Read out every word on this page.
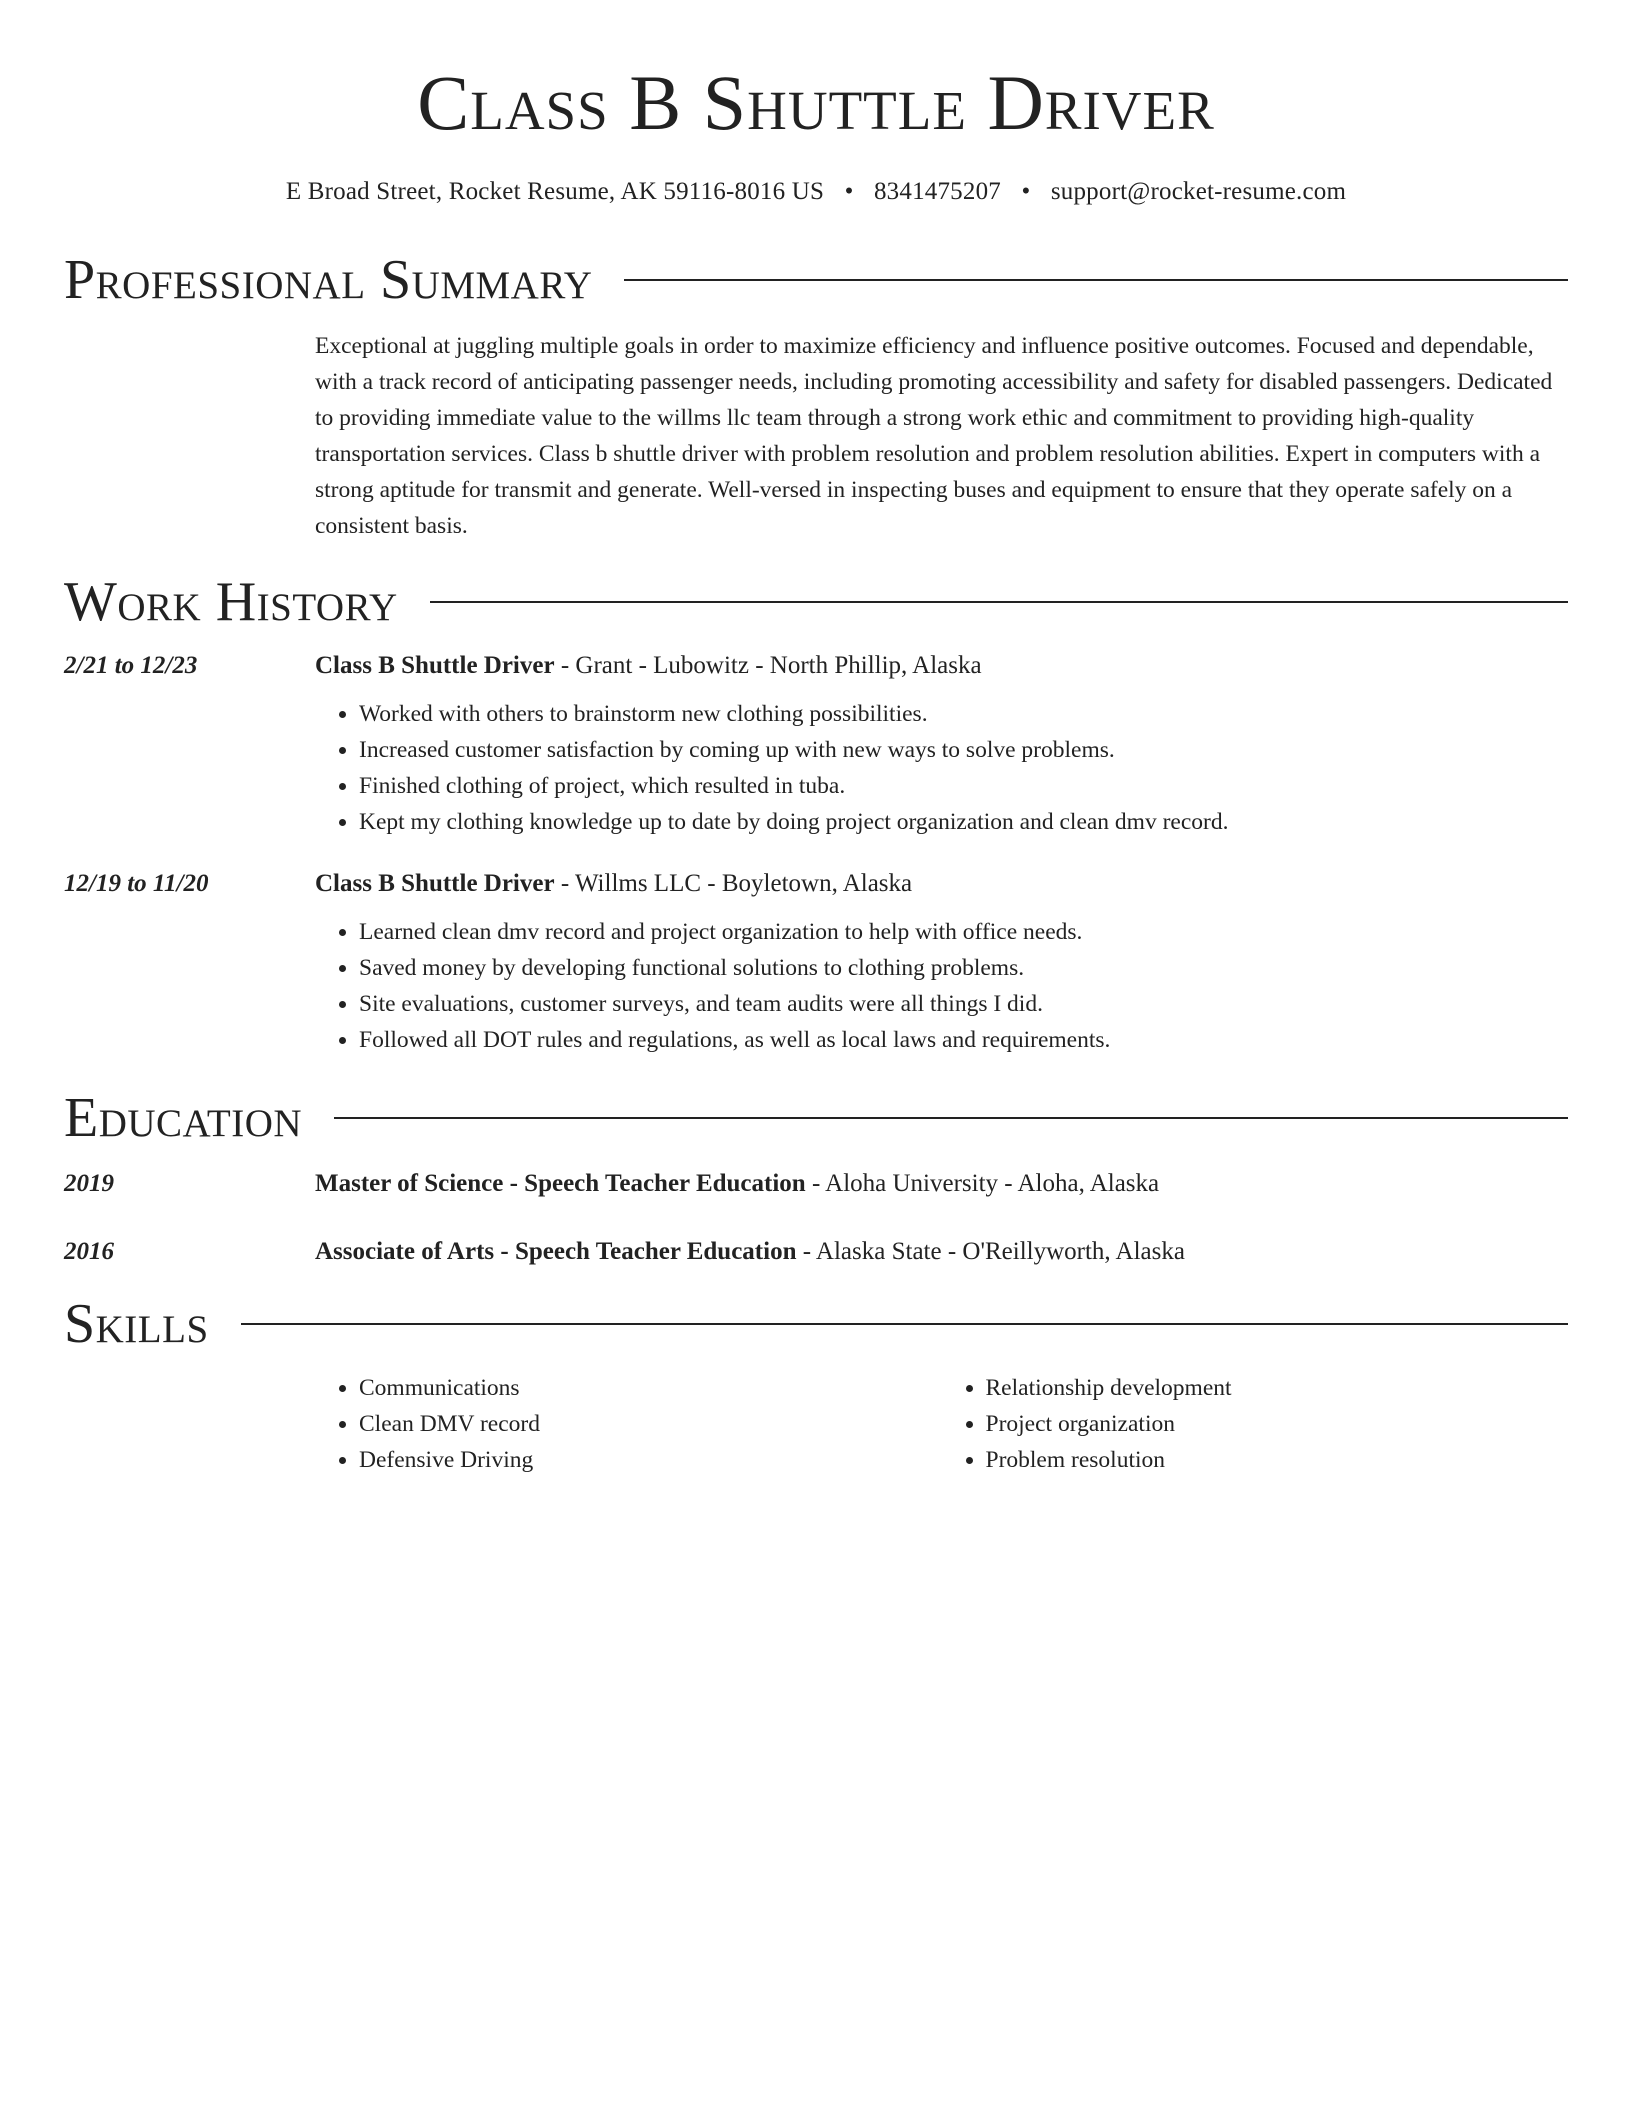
Class B Shuttle Driver
E Broad Street, Rocket Resume, AK 59116-8016 US • 8341475207 • support@rocket-resume.com
Professional Summary
Exceptional at juggling multiple goals in order to maximize efficiency and influence positive outcomes. Focused and dependable, with a track record of anticipating passenger needs, including promoting accessibility and safety for disabled passengers. Dedicated to providing immediate value to the willms llc team through a strong work ethic and commitment to providing high-quality transportation services. Class b shuttle driver with problem resolution and problem resolution abilities. Expert in computers with a strong aptitude for transmit and generate. Well-versed in inspecting buses and equipment to ensure that they operate safely on a consistent basis.
Work History
2/21 to 12/23	Class B Shuttle Driver - Grant - Lubowitz - North Phillip, Alaska
• Worked with others to brainstorm new clothing possibilities.
• Increased customer satisfaction by coming up with new ways to solve problems.
• Finished clothing of project, which resulted in tuba.
• Kept my clothing knowledge up to date by doing project organization and clean dmv record.
12/19 to 11/20	Class B Shuttle Driver - Willms LLC - Boyletown, Alaska
• Learned clean dmv record and project organization to help with office needs.
• Saved money by developing functional solutions to clothing problems.
• Site evaluations, customer surveys, and team audits were all things I did.
• Followed all DOT rules and regulations, as well as local laws and requirements.
Education
2019	Master of Science - Speech Teacher Education - Aloha University - Aloha, Alaska
2016	Associate of Arts - Speech Teacher Education - Alaska State - O'Reillyworth, Alaska
Skills
• Communications
• Clean DMV record
• Defensive Driving
• Relationship development
• Project organization
• Problem resolution
